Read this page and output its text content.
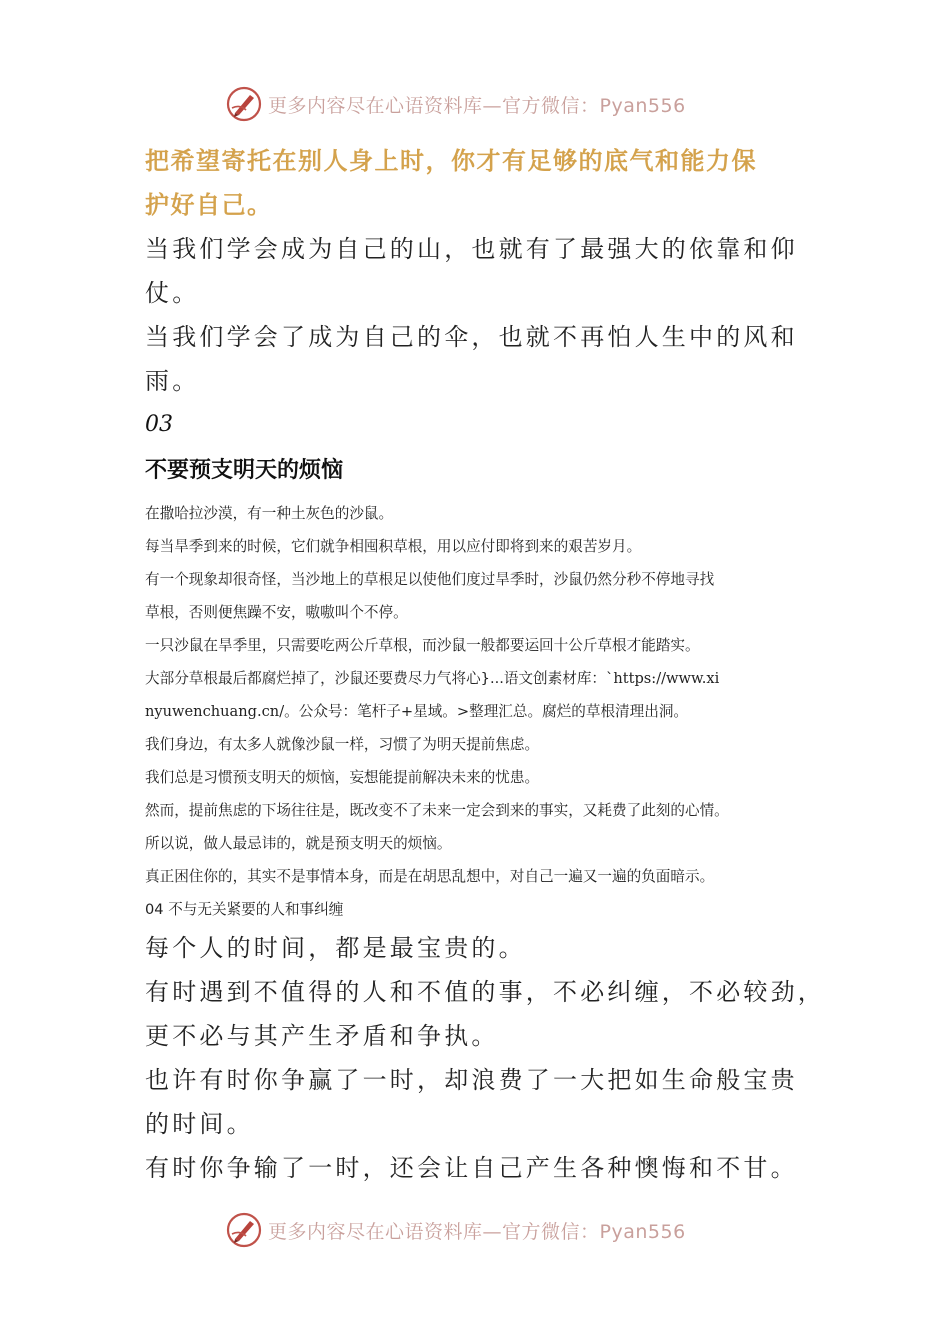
更多内容尽在心语资料库—官方微信：Pyan556

把希望寄托在别人身上时，你才有足够的底气和能力保

护好自己。

当我们学会成为自己的山，也就有了最强大的依靠和仰

仗。

当我们学会了成为自己的伞，也就不再怕人生中的风和

雨。

03

不要预支明天的烦恼

在撒哈拉沙漠，有一种土灰色的沙鼠。

每当旱季到来的时候，它们就争相囤积草根，用以应付即将到来的艰苦岁月。

有一个现象却很奇怪，当沙地上的草根足以使他们度过旱季时，沙鼠仍然分秒不停地寻找

草根，否则便焦躁不安，嗷嗷叫个不停。

一只沙鼠在旱季里，只需要吃两公斤草根，而沙鼠一般都要运回十公斤草根才能踏实。

大部分草根最后都腐烂掉了，沙鼠还要费尽力气将心}...语文创素材库：`https://www.xi

nyuwenchuang.cn/。公众号：笔杆子+星域。>整理汇总。腐烂的草根清理出洞。

我们身边，有太多人就像沙鼠一样，习惯了为明天提前焦虑。

我们总是习惯预支明天的烦恼，妄想能提前解决未来的忧患。

然而，提前焦虑的下场往往是，既改变不了未来一定会到来的事实，又耗费了此刻的心情。

所以说，做人最忌讳的，就是预支明天的烦恼。

真正困住你的，其实不是事情本身，而是在胡思乱想中，对自己一遍又一遍的负面暗示。

04 不与无关紧要的人和事纠缠

每个人的时间，都是最宝贵的。

有时遇到不值得的人和不值的事，不必纠缠，不必较劲，

更不必与其产生矛盾和争执。

也许有时你争赢了一时，却浪费了一大把如生命般宝贵

的时间。

有时你争输了一时，还会让自己产生各种懊悔和不甘。

更多内容尽在心语资料库—官方微信：Pyan556
